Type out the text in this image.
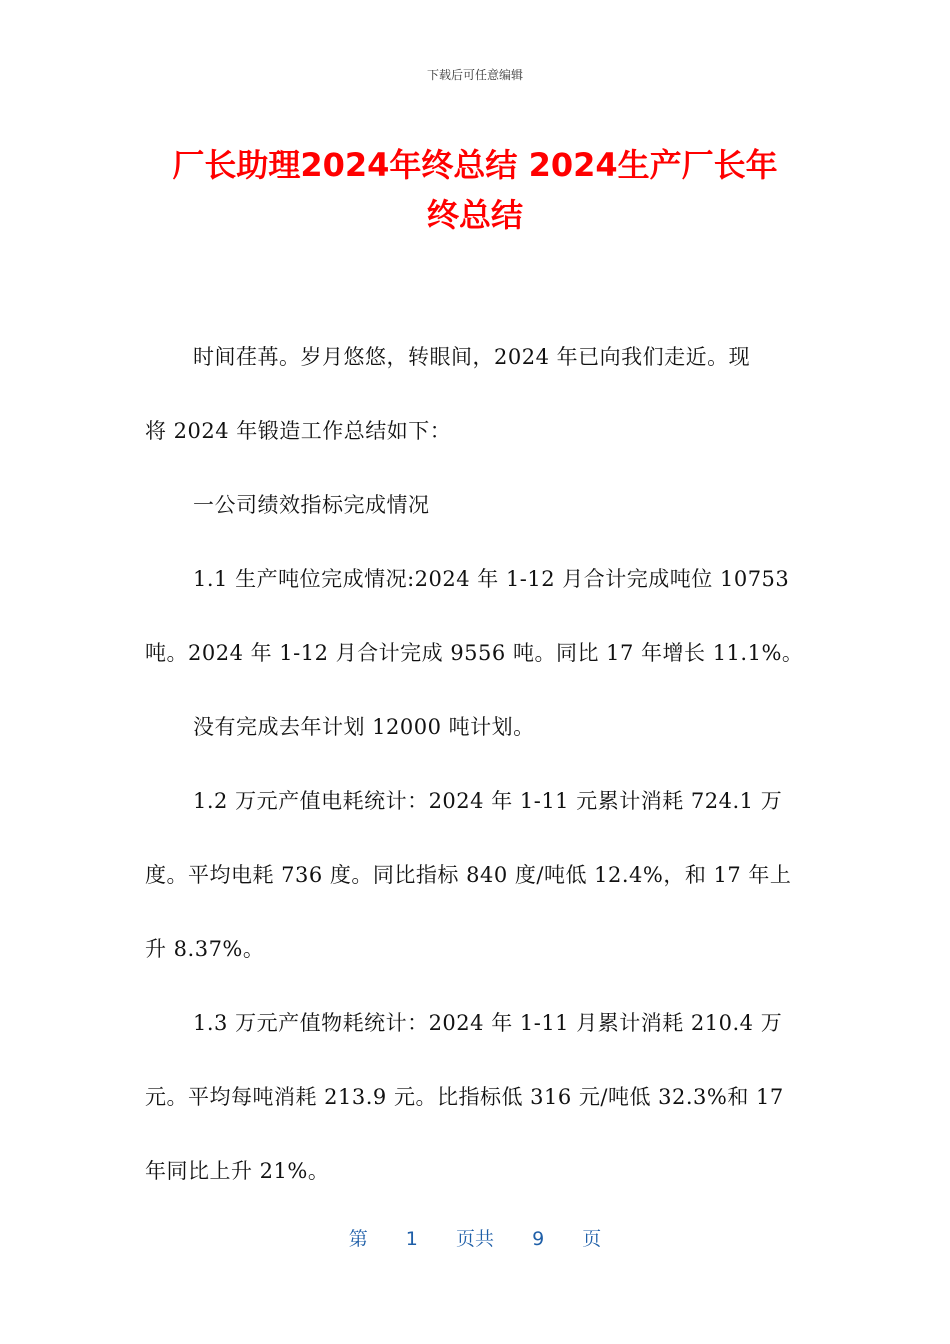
下载后可任意编辑
厂长助理2024年终总结 2024生产厂长年
终总结

时间荏苒。岁月悠悠，转眼间，2024 年已向我们走近。现

将 2024 年锻造工作总结如下：

一公司绩效指标完成情况

1.1 生产吨位完成情况:2024 年 1-12 月合计完成吨位 10753

吨。2024 年 1-12 月合计完成 9556 吨。同比 17 年增长 11.1%。

没有完成去年计划 12000 吨计划。

1.2 万元产值电耗统计：2024 年 1-11 元累计消耗 724.1 万

度。平均电耗 736 度。同比指标 840 度/吨低 12.4%，和 17 年上

升 8.37%。

1.3 万元产值物耗统计：2024 年 1-11 月累计消耗 210.4 万

元。平均每吨消耗 213.9 元。比指标低 316 元/吨低 32.3%和 17

年同比上升 21%。

第 1 页共 9 页
